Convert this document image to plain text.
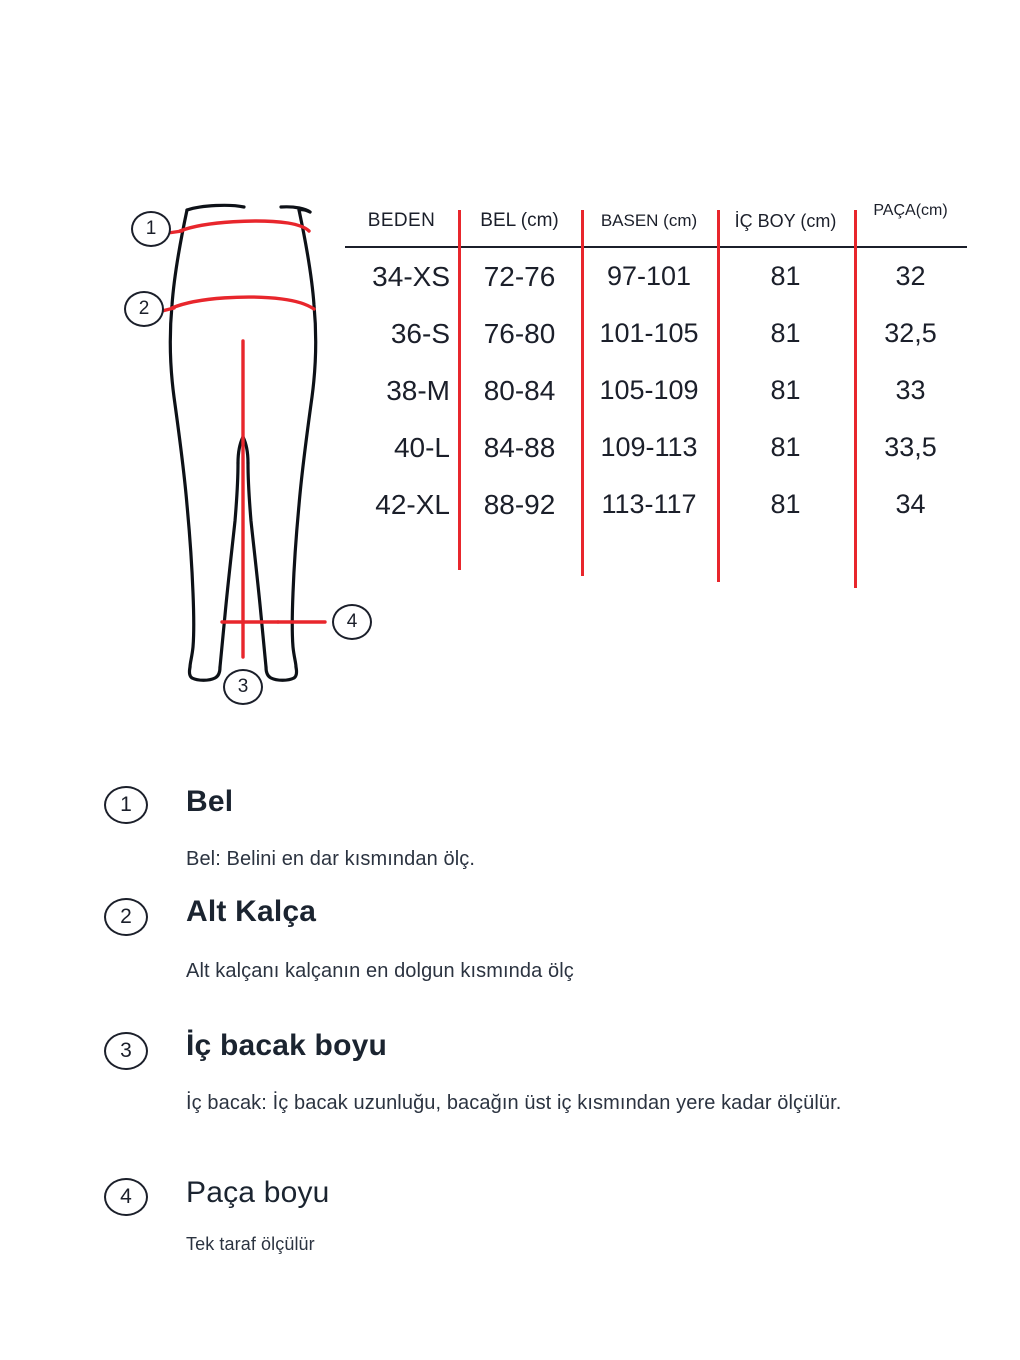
1
2
3
4
BEDEN	BEL (cm)	BASEN (cm)	İÇ BOY (cm)	PAÇA(cm)
34-XS	72-76	97-101	81	32
36-S	76-80	101-105	81	32,5
38-M	80-84	105-109	81	33
40-L	84-88	109-113	81	33,5
42-XL	88-92	113-117	81	34
1	Bel
Bel: Belini en dar kısmından ölç.
2	Alt Kalça
Alt kalçanı kalçanın en dolgun kısmında ölç
3	İç bacak boyu
İç bacak: İç bacak uzunluğu, bacağın üst iç kısmından yere kadar ölçülür.
4	Paça boyu
Tek taraf ölçülür
